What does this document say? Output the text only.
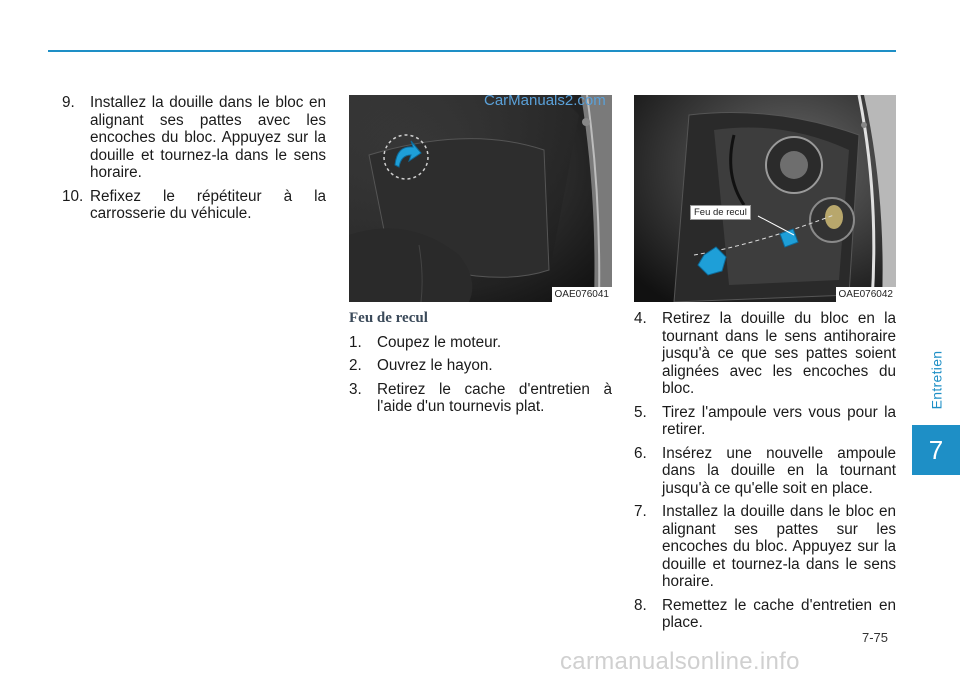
Entretien
7
9. Installez la douille dans le bloc en alignant ses pattes avec les encoches du bloc. Appuyez sur la douille et tournez-la dans le sens horaire.
10. Refixez le répétiteur à la carrosserie du véhicule.
CarManuals2.com
OAE076041
Feu de recul
OAE076042
Feu de recul
1. Coupez le moteur.
2. Ouvrez le hayon.
3. Retirez le cache d'entretien à l'aide d'un tournevis plat.
4. Retirez la douille du bloc en la tournant dans le sens antihoraire jusqu'à ce que ses pattes soient alignées avec les encoches du bloc.
5. Tirez l'ampoule vers vous pour la retirer.
6. Insérez une nouvelle ampoule dans la douille en la tournant jusqu'à ce qu'elle soit en place.
7. Installez la douille dans le bloc en alignant ses pattes sur les encoches du bloc. Appuyez sur la douille et tournez-la dans le sens horaire.
8. Remettez le cache d'entretien en place.
7-75
carmanualsonline.info
